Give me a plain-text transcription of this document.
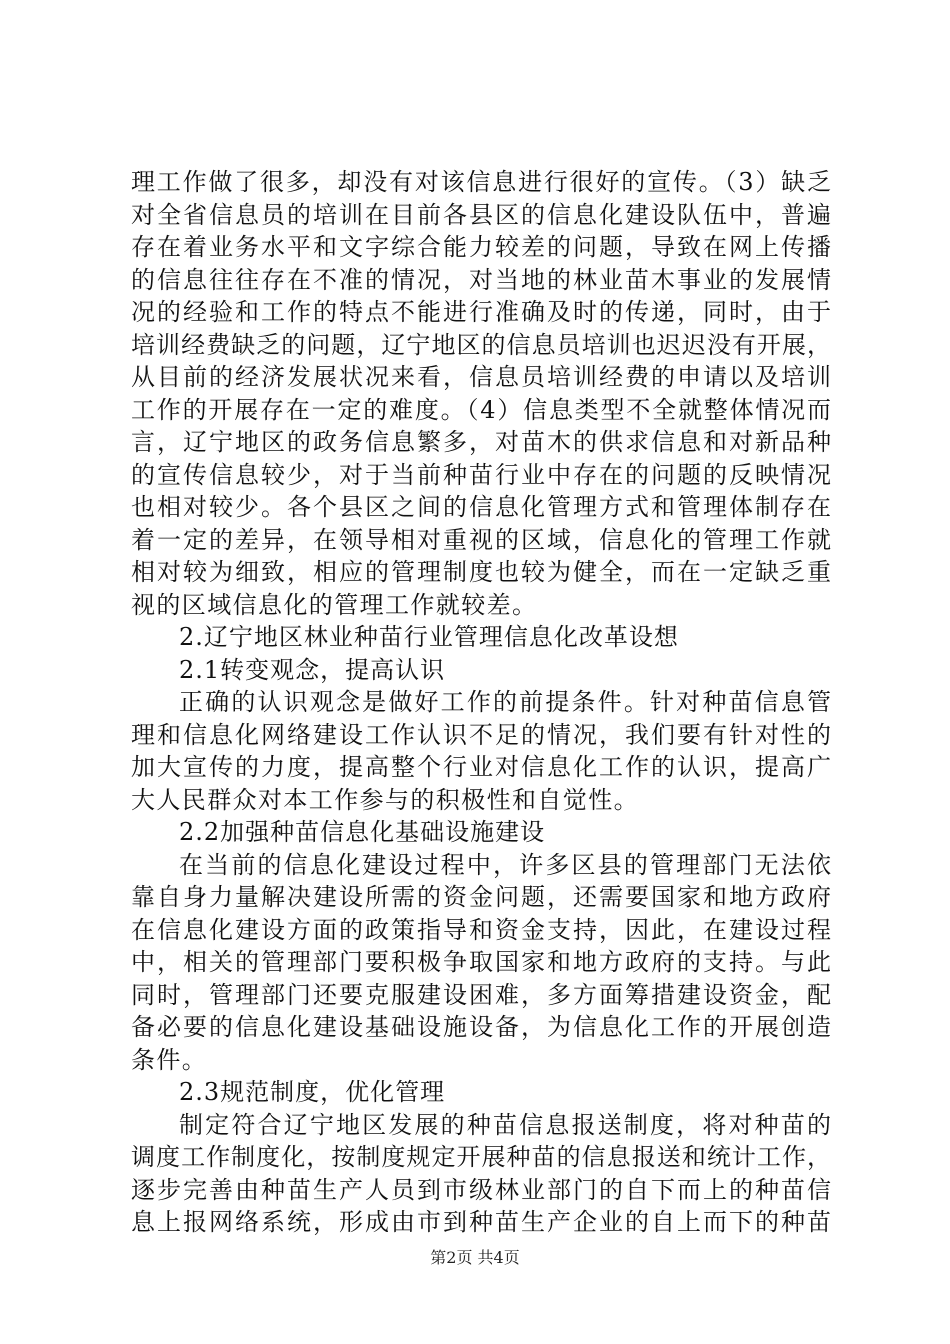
理工作做了很多，却没有对该信息进行很好的宣传。（3）缺乏
对全省信息员的培训在目前各县区的信息化建设队伍中，普遍
存在着业务水平和文字综合能力较差的问题，导致在网上传播
的信息往往存在不准的情况，对当地的林业苗木事业的发展情
况的经验和工作的特点不能进行准确及时的传递，同时，由于
培训经费缺乏的问题，辽宁地区的信息员培训也迟迟没有开展，
从目前的经济发展状况来看，信息员培训经费的申请以及培训
工作的开展存在一定的难度。（4）信息类型不全就整体情况而
言，辽宁地区的政务信息繁多，对苗木的供求信息和对新品种
的宣传信息较少，对于当前种苗行业中存在的问题的反映情况
也相对较少。各个县区之间的信息化管理方式和管理体制存在
着一定的差异，在领导相对重视的区域，信息化的管理工作就
相对较为细致，相应的管理制度也较为健全，而在一定缺乏重
视的区域信息化的管理工作就较差。
2.辽宁地区林业种苗行业管理信息化改革设想
2.1转变观念，提高认识
正确的认识观念是做好工作的前提条件。针对种苗信息管
理和信息化网络建设工作认识不足的情况，我们要有针对性的
加大宣传的力度，提高整个行业对信息化工作的认识，提高广
大人民群众对本工作参与的积极性和自觉性。
2.2加强种苗信息化基础设施建设
在当前的信息化建设过程中，许多区县的管理部门无法依
靠自身力量解决建设所需的资金问题，还需要国家和地方政府
在信息化建设方面的政策指导和资金支持，因此，在建设过程
中，相关的管理部门要积极争取国家和地方政府的支持。与此
同时，管理部门还要克服建设困难，多方面筹措建设资金，配
备必要的信息化建设基础设施设备，为信息化工作的开展创造
条件。
2.3规范制度，优化管理
制定符合辽宁地区发展的种苗信息报送制度，将对种苗的
调度工作制度化，按制度规定开展种苗的信息报送和统计工作，
逐步完善由种苗生产人员到市级林业部门的自下而上的种苗信
息上报网络系统，形成由市到种苗生产企业的自上而下的种苗
第2页 共4页
